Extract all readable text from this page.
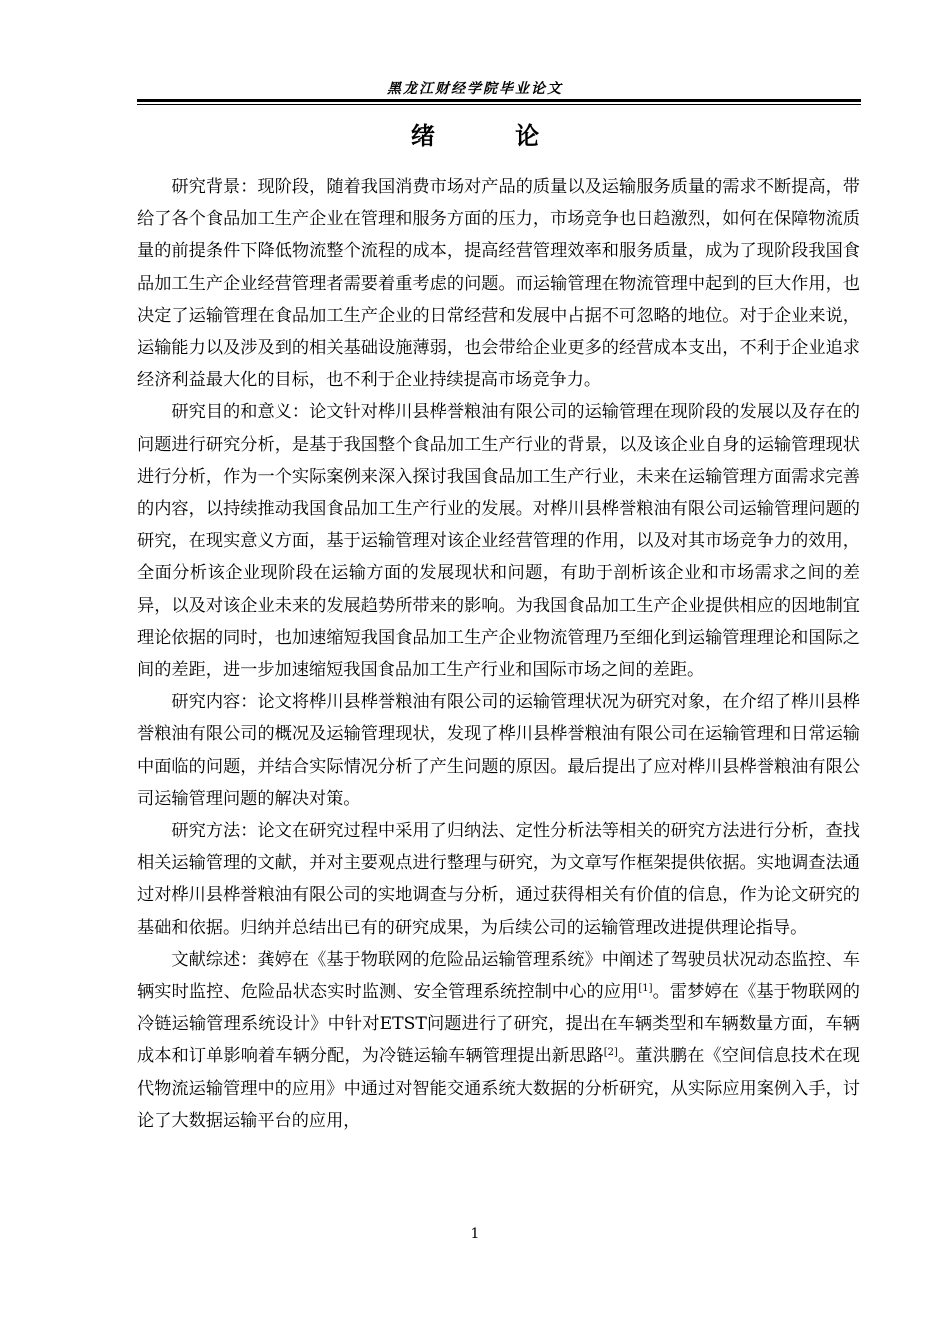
黑龙江财经学院毕业论文
绪 论

研究背景：现阶段，随着我国消费市场对产品的质量以及运输服务质量的需求不断提高，带给了各个食品加工生产企业在管理和服务方面的压力，市场竞争也日趋激烈，如何在保障物流质量的前提条件下降低物流整个流程的成本，提高经营管理效率和服务质量，成为了现阶段我国食品加工生产企业经营管理者需要着重考虑的问题。而运输管理在物流管理中起到的巨大作用，也决定了运输管理在食品加工生产企业的日常经营和发展中占据不可忽略的地位。对于企业来说，运输能力以及涉及到的相关基础设施薄弱，也会带给企业更多的经营成本支出，不利于企业追求经济利益最大化的目标，也不利于企业持续提高市场竞争力。

研究目的和意义：论文针对桦川县桦誉粮油有限公司的运输管理在现阶段的发展以及存在的问题进行研究分析，是基于我国整个食品加工生产行业的背景，以及该企业自身的运输管理现状进行分析，作为一个实际案例来深入探讨我国食品加工生产行业，未来在运输管理方面需求完善的内容，以持续推动我国食品加工生产行业的发展。对桦川县桦誉粮油有限公司运输管理问题的研究，在现实意义方面，基于运输管理对该企业经营管理的作用，以及对其市场竞争力的效用，全面分析该企业现阶段在运输方面的发展现状和问题，有助于剖析该企业和市场需求之间的差异，以及对该企业未来的发展趋势所带来的影响。为我国食品加工生产企业提供相应的因地制宜理论依据的同时，也加速缩短我国食品加工生产企业物流管理乃至细化到运输管理理论和国际之间的差距，进一步加速缩短我国食品加工生产行业和国际市场之间的差距。

研究内容：论文将桦川县桦誉粮油有限公司的运输管理状况为研究对象，在介绍了桦川县桦誉粮油有限公司的概况及运输管理现状，发现了桦川县桦誉粮油有限公司在运输管理和日常运输中面临的问题，并结合实际情况分析了产生问题的原因。最后提出了应对桦川县桦誉粮油有限公司运输管理问题的解决对策。

研究方法：论文在研究过程中采用了归纳法、定性分析法等相关的研究方法进行分析，查找相关运输管理的文献，并对主要观点进行整理与研究，为文章写作框架提供依据。实地调查法通过对桦川县桦誉粮油有限公司的实地调查与分析，通过获得相关有价值的信息，作为论文研究的基础和依据。归纳并总结出已有的研究成果，为后续公司的运输管理改进提供理论指导。

文献综述：龚婷在《基于物联网的危险品运输管理系统》中阐述了驾驶员状况动态监控、车辆实时监控、危险品状态实时监测、安全管理系统控制中心的应用[1]。雷梦婷在《基于物联网的冷链运输管理系统设计》中针对ETST问题进行了研究，提出在车辆类型和车辆数量方面，车辆成本和订单影响着车辆分配，为冷链运输车辆管理提出新思路[2]。董洪鹏在《空间信息技术在现代物流运输管理中的应用》中通过对智能交通系统大数据的分析研究，从实际应用案例入手，讨论了大数据运输平台的应用，

1
